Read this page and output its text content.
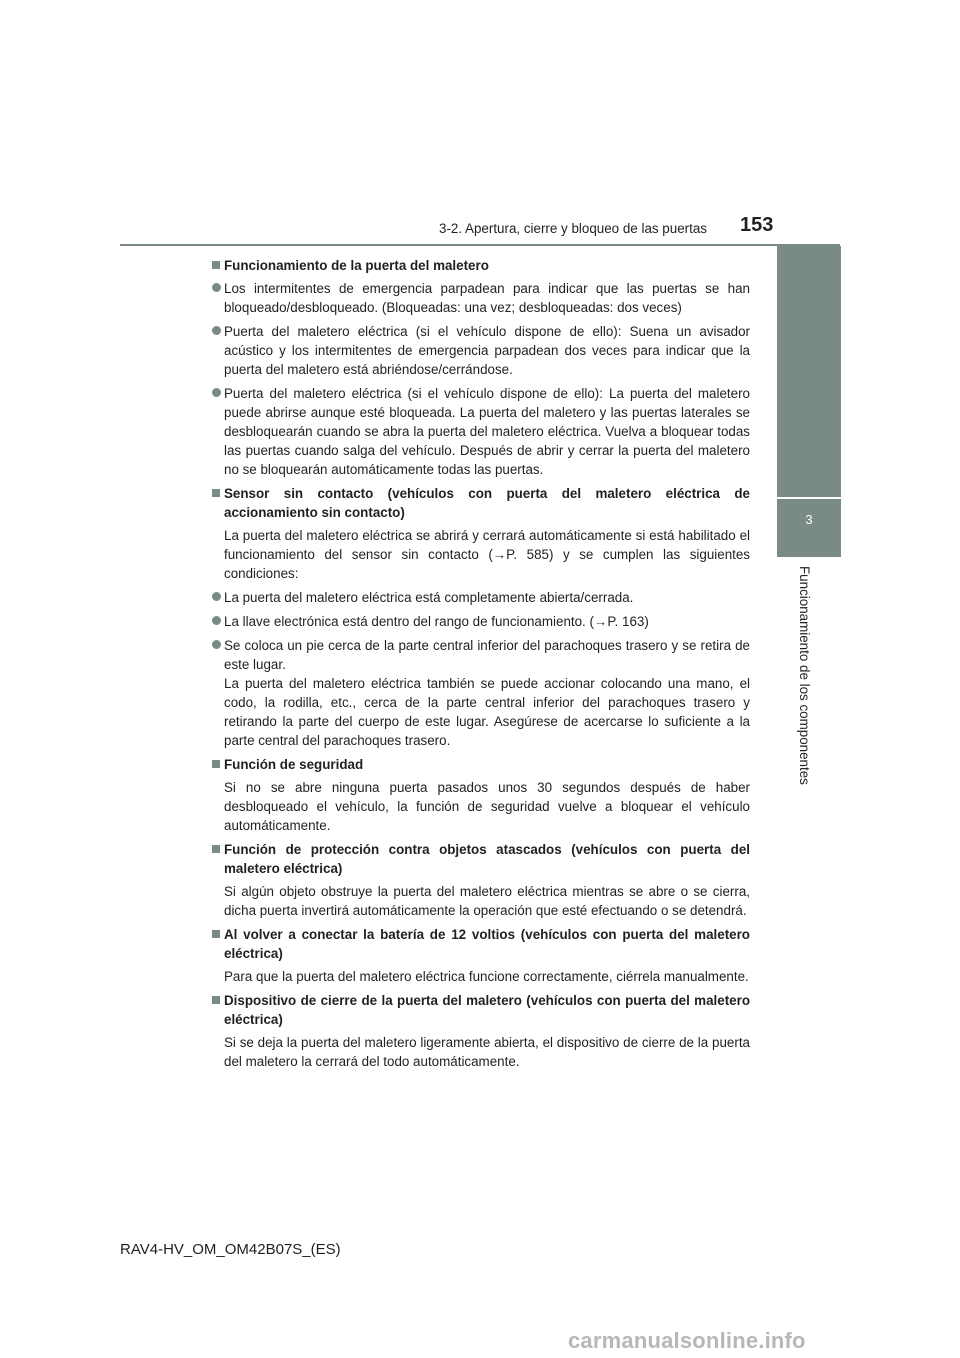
3-2. Apertura, cierre y bloqueo de las puertas 153
3
Funcionamiento de los componentes
Funcionamiento de la puerta del maletero
Los intermitentes de emergencia parpadean para indicar que las puertas se han bloqueado/desbloqueado. (Bloqueadas: una vez; desbloqueadas: dos veces)
Puerta del maletero eléctrica (si el vehículo dispone de ello): Suena un avisador acústico y los intermitentes de emergencia parpadean dos veces para indicar que la puerta del maletero está abriéndose/cerrándose.
Puerta del maletero eléctrica (si el vehículo dispone de ello): La puerta del maletero puede abrirse aunque esté bloqueada. La puerta del maletero y las puertas laterales se desbloquearán cuando se abra la puerta del maletero eléctrica. Vuelva a bloquear todas las puertas cuando salga del vehículo. Después de abrir y cerrar la puerta del maletero no se bloquearán automáticamente todas las puertas.
Sensor sin contacto (vehículos con puerta del maletero eléctrica de accionamiento sin contacto)
La puerta del maletero eléctrica se abrirá y cerrará automáticamente si está habilitado el funcionamiento del sensor sin contacto (→P. 585) y se cumplen las siguientes condiciones:
La puerta del maletero eléctrica está completamente abierta/cerrada.
La llave electrónica está dentro del rango de funcionamiento. (→P. 163)
Se coloca un pie cerca de la parte central inferior del parachoques trasero y se retira de este lugar.
La puerta del maletero eléctrica también se puede accionar colocando una mano, el codo, la rodilla, etc., cerca de la parte central inferior del parachoques trasero y retirando la parte del cuerpo de este lugar. Asegúrese de acercarse lo suficiente a la parte central del parachoques trasero.
Función de seguridad
Si no se abre ninguna puerta pasados unos 30 segundos después de haber desbloqueado el vehículo, la función de seguridad vuelve a bloquear el vehículo automáticamente.
Función de protección contra objetos atascados (vehículos con puerta del maletero eléctrica)
Si algún objeto obstruye la puerta del maletero eléctrica mientras se abre o se cierra, dicha puerta invertirá automáticamente la operación que esté efectuando o se detendrá.
Al volver a conectar la batería de 12 voltios (vehículos con puerta del maletero eléctrica)
Para que la puerta del maletero eléctrica funcione correctamente, ciérrela manualmente.
Dispositivo de cierre de la puerta del maletero (vehículos con puerta del maletero eléctrica)
Si se deja la puerta del maletero ligeramente abierta, el dispositivo de cierre de la puerta del maletero la cerrará del todo automáticamente.
RAV4-HV_OM_OM42B07S_(ES)
carmanualsonline.info
